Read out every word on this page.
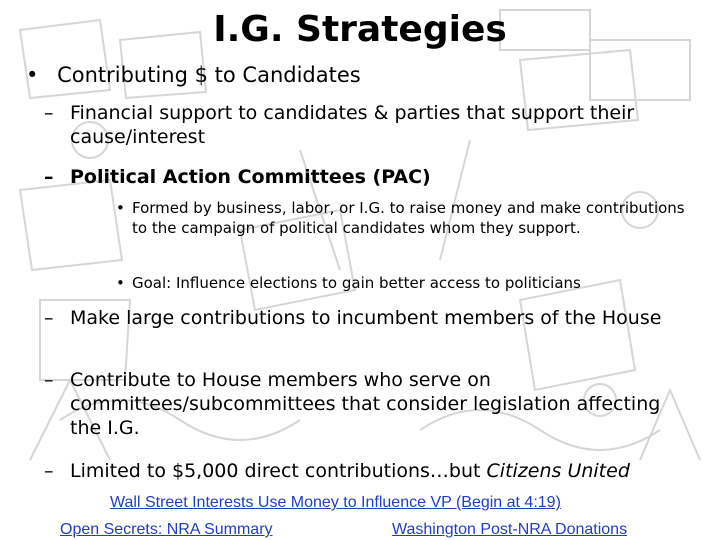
I.G. Strategies
• Contributing $ to Candidates
– Financial support to candidates & parties that support their cause/interest
– Political Action Committees (PAC)
• Formed by business, labor, or I.G. to raise money and make contributions to the campaign of political candidates whom they support.
• Goal: Influence elections to gain better access to politicians
– Make large contributions to incumbent members of the House
– Contribute to House members who serve on committees/subcommittees that consider legislation affecting the I.G.
– Limited to $5,000 direct contributions…but Citizens United
Wall Street Interests Use Money to Influence VP (Begin at 4:19)
Open Secrets: NRA Summary	Washington Post-NRA Donations
